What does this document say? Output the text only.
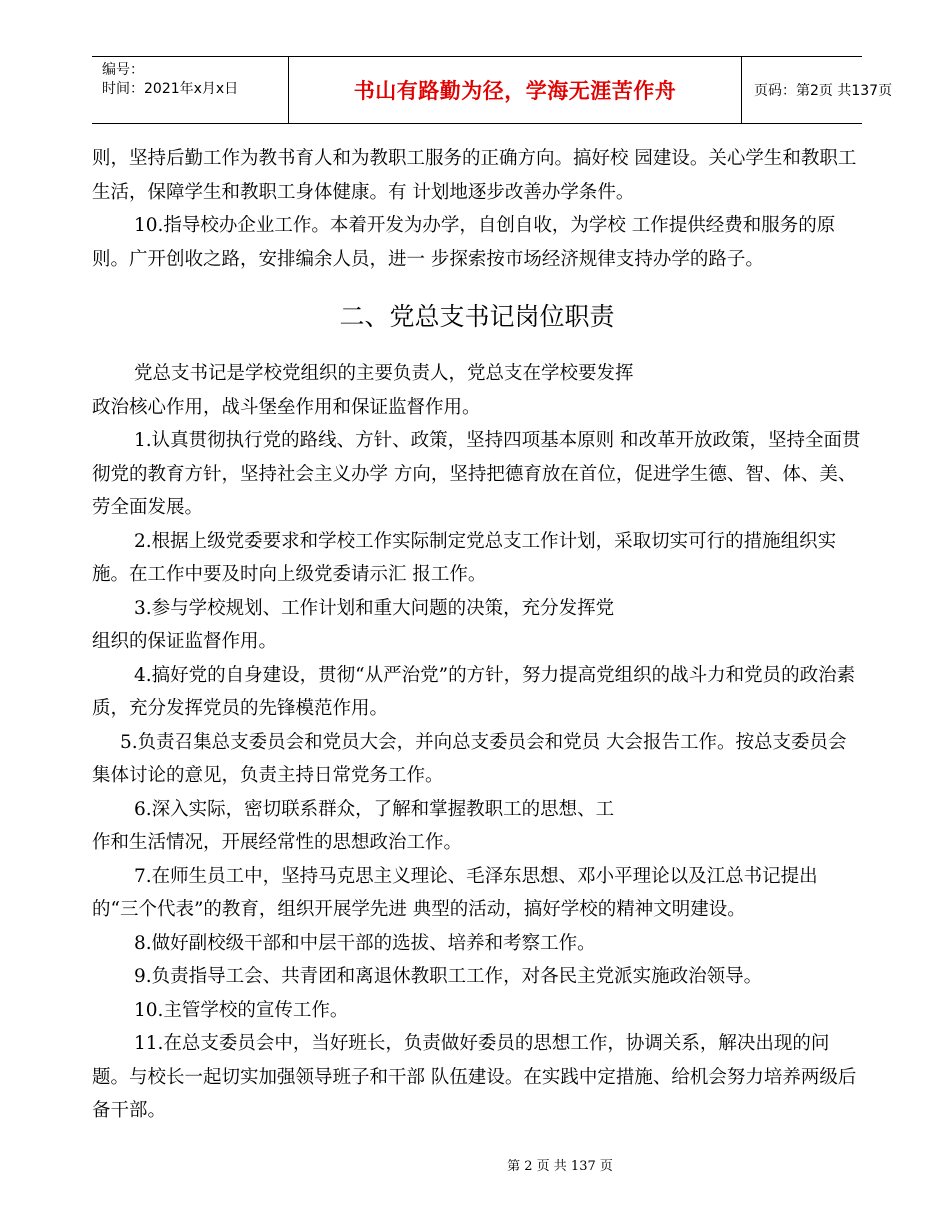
编号：
时间：2021年x月x日	书山有路勤为径，学海无涯苦作舟	页码：第2页 共137页

则，坚持后勤工作为教书育人和为教职工服务的正确方向。搞好校 园建设。关心学生和教职工生活，保障学生和教职工身体健康。有 计划地逐步改善办学条件。

10.指导校办企业工作。本着开发为办学，自创自收，为学校 工作提供经费和服务的原则。广开创收之路，安排编余人员，进一 步探索按市场经济规律支持办学的路子。

二、党总支书记岗位职责

党总支书记是学校党组织的主要负责人，党总支在学校要发挥

政治核心作用，战斗堡垒作用和保证监督作用。

1.认真贯彻执行党的路线、方针、政策，坚持四项基本原则 和改革开放政策，坚持全面贯彻党的教育方针，坚持社会主义办学 方向，坚持把德育放在首位，促进学生德、智、体、美、劳全面发展。

2.根据上级党委要求和学校工作实际制定党总支工作计划，采取切实可行的措施组织实施。在工作中要及时向上级党委请示汇 报工作。

3.参与学校规划、工作计划和重大问题的决策，充分发挥党

组织的保证监督作用。

4.搞好党的自身建设，贯彻“从严治党”的方针，努力提高党组织的战斗力和党员的政治素质，充分发挥党员的先锋模范作用。

5.负责召集总支委员会和党员大会，并向总支委员会和党员 大会报告工作。按总支委员会集体讨论的意见，负责主持日常党务工作。

6.深入实际，密切联系群众，了解和掌握教职工的思想、工

作和生活情况，开展经常性的思想政治工作。

7.在师生员工中，坚持马克思主义理论、毛泽东思想、邓小平理论以及江总书记提出的“三个代表”的教育，组织开展学先进 典型的活动，搞好学校的精神文明建设。

8.做好副校级干部和中层干部的选拔、培养和考察工作。

9.负责指导工会、共青团和离退休教职工工作，对各民主党派实施政治领导。

10.主管学校的宣传工作。

11.在总支委员会中，当好班长，负责做好委员的思想工作，协调关系，解决出现的问题。与校长一起切实加强领导班子和干部 队伍建设。在实践中定措施、给机会努力培养两级后备干部。

第 2 页 共 137 页
